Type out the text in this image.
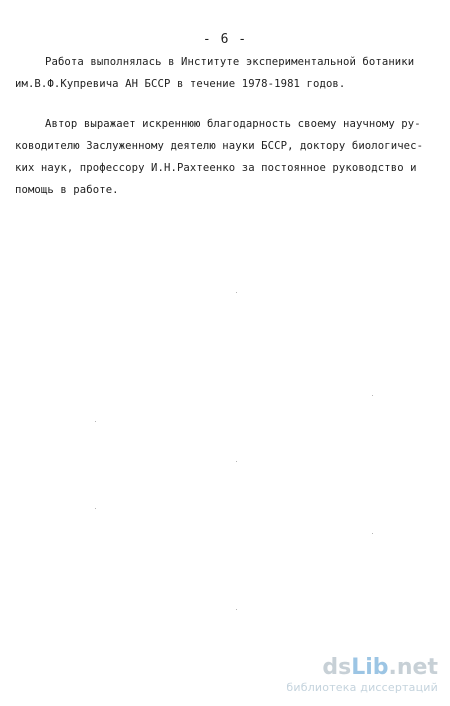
- 6 -
Работа выполнялась в Институте экспериментальной ботаники
им.В.Ф.Купревича АН БССР в течение 1978-1981 годов.
Автор выражает искреннюю благодарность своему научному ру-
ководителю Заслуженному деятелю науки БССР, доктору биологичес-
ких наук, профессору И.Н.Рахтеенко за постоянное руководство и
помощь в работе.
dsLib.net
библиотека диссертаций
